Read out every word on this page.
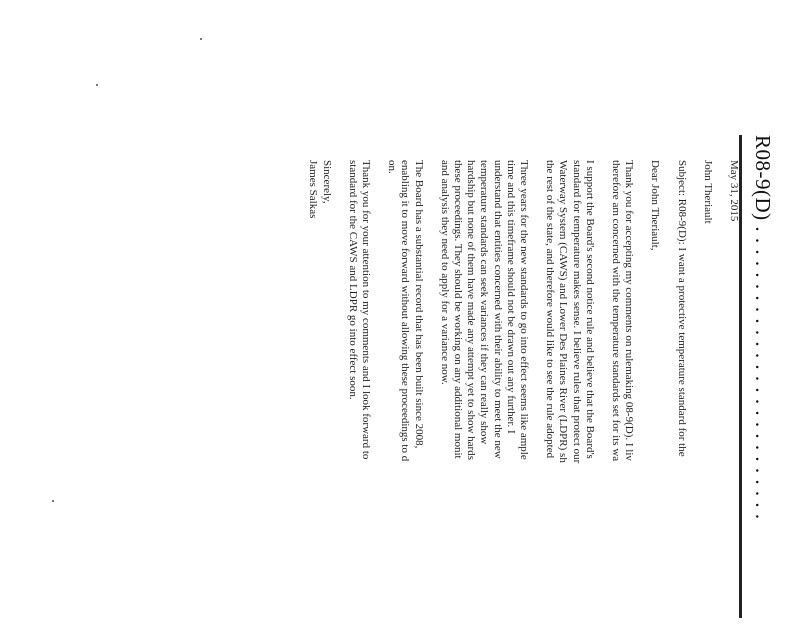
R08-9(D) . . . . . . . . . . . . . . . . . . . . . . . . . .

May 31, 2015

John Theriault

Subject: R08-9(D): I want a protective temperature standard for the

Dear John Theriault,

Thank you for accepting my comments on rulemaking 08-9(D). I liv

therefore am concerned with the temperature standards set for its wa

I support the Board's second notice rule and believe that the Board's

standard for temperature makes sense. I believe rules that protect our

Waterway System (CAWS) and Lower Des Plaines River (LDPR) sh

the rest of the state, and therefore would like to see the rule adopted

Three years for the new standards to go into effect seems like ample

time and this timeframe should not be drawn out any further. I

understand that entities concerned with their ability to meet the new

temperature standards can seek variances if they can really show

hardship but none of them have made any attempt yet to show hards

these proceedings. They should be working on any additional monit

and analysis they need to apply for a variance now.

The Board has a substantial record that has been built since 2008,

enabling it to move forward without allowing these proceedings to d

on.

Thank you for your attention to my comments and I look forward to

standard for the CAWS and LDPR go into effect soon.

Sincerely,

James Salkas
